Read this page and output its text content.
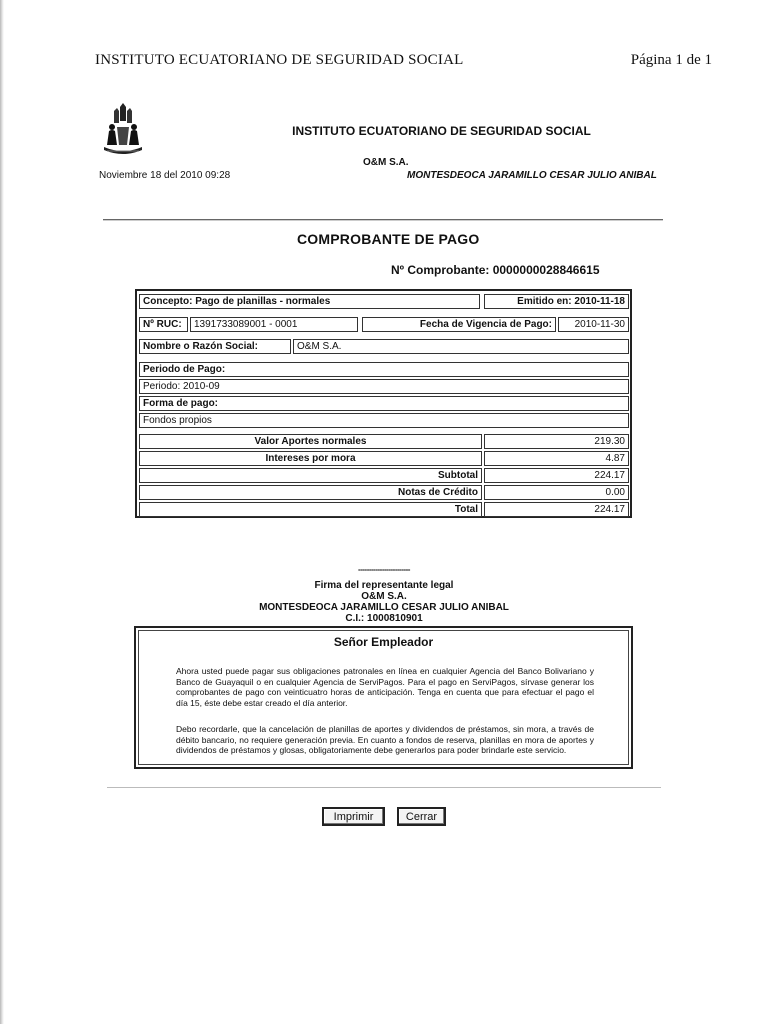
INSTITUTO ECUATORIANO DE SEGURIDAD SOCIAL	Página 1 de 1
INSTITUTO ECUATORIANO DE SEGURIDAD SOCIAL
O&M S.A.
Noviembre 18 del 2010 09:28	MONTESDEOCA JARAMILLO CESAR JULIO ANIBAL
COMPROBANTE DE PAGO
Nº Comprobante: 0000000028846615
Concepto: Pago de planillas - normales	Emitido en: 2010-11-18
Nº RUC:	1391733089001 - 0001	Fecha de Vigencia de Pago:	2010-11-30
Nombre o Razón Social:	O&M S.A.
Periodo de Pago:
Periodo: 2010-09
Forma de pago:
Fondos propios
Valor Aportes normales	219.30
Intereses por mora	4.87
Subtotal	224.17
Notas de Crédito	0.00
Total	224.17
------------------------
Firma del representante legal
O&M S.A.
MONTESDEOCA JARAMILLO CESAR JULIO ANIBAL
C.I.: 1000810901
Señor Empleador
Ahora usted puede pagar sus obligaciones patronales en línea en cualquier Agencia del Banco Bolivariano y Banco de Guayaquil o en cualquier Agencia de ServiPagos. Para el pago en ServiPagos, sírvase generar los comprobantes de pago con veinticuatro horas de anticipación. Tenga en cuenta que para efectuar el pago el día 15, éste debe estar creado el día anterior.
Debo recordarle, que la cancelación de planillas de aportes y dividendos de préstamos, sin mora, a través de débito bancario, no requiere generación previa. En cuanto a fondos de reserva, planillas en mora de aportes y dividendos de préstamos y glosas, obligatoriamente debe generarlos para poder brindarle este servicio.
Imprimir	Cerrar
